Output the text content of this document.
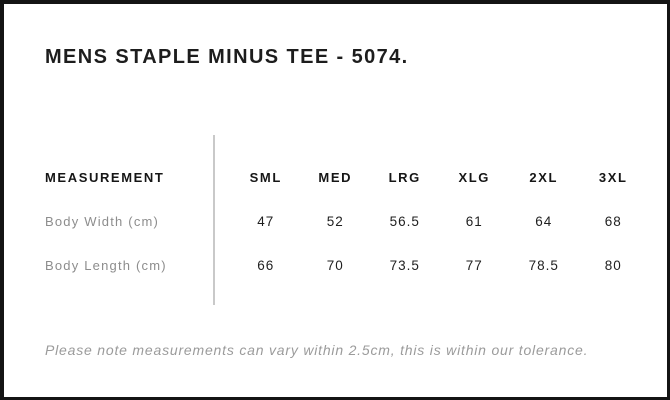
MENS STAPLE MINUS TEE - 5074.
MEASUREMENT	SML	MED	LRG	XLG	2XL	3XL
Body Width (cm)	47	52	56.5	61	64	68
Body Length (cm)	66	70	73.5	77	78.5	80

Please note measurements can vary within 2.5cm, this is within our tolerance.
